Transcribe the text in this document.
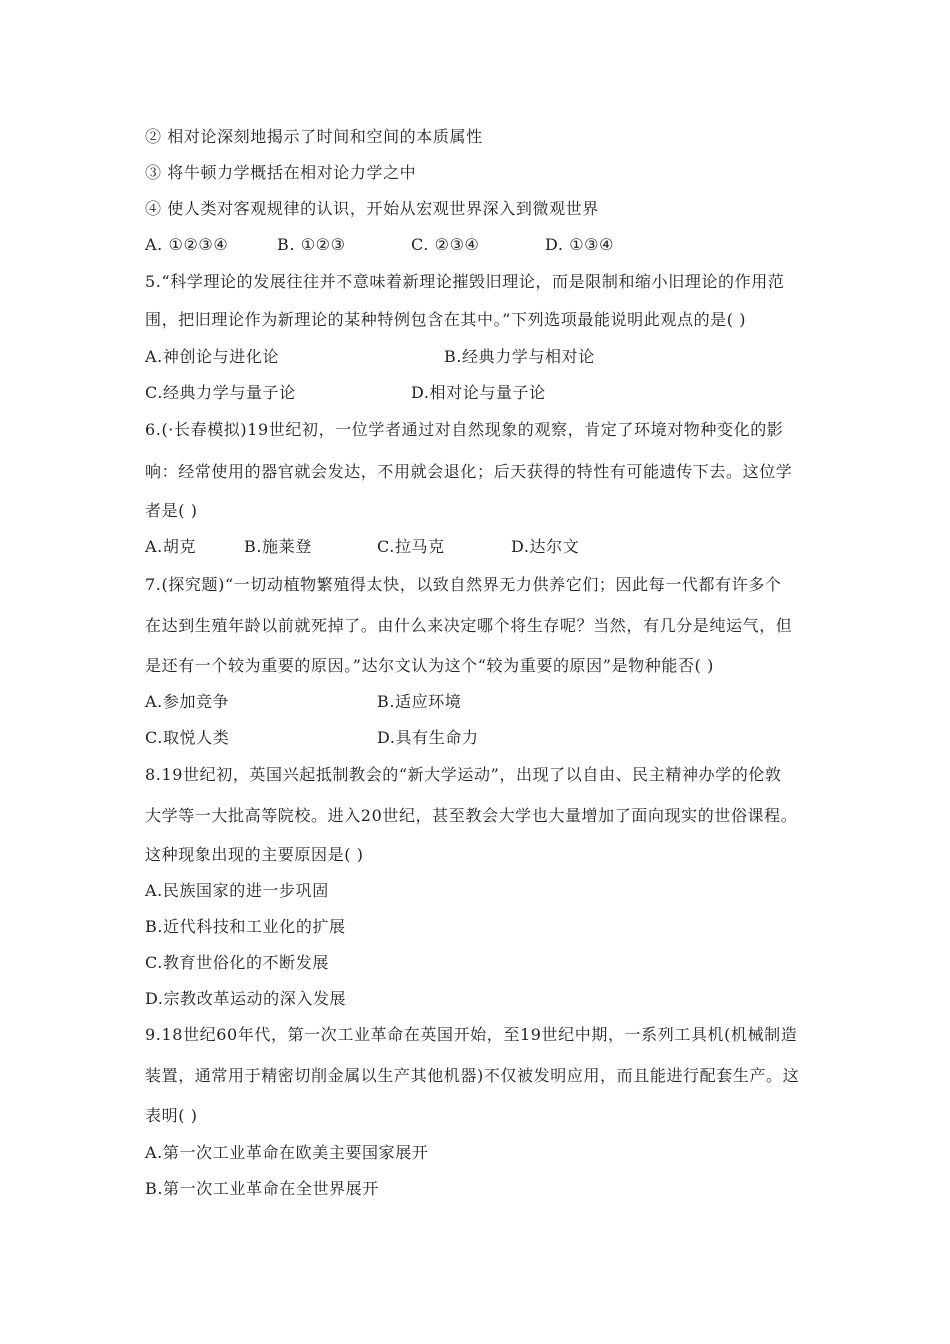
② 相对论深刻地揭示了时间和空间的本质属性
③ 将牛顿力学概括在相对论力学之中
④ 使人类对客观规律的认识，开始从宏观世界深入到微观世界
A. ①②③④	B. ①②③	C. ②③④	D. ①③④
5.“科学理论的发展往往并不意味着新理论摧毁旧理论，而是限制和缩小旧理论的作用范
围，把旧理论作为新理论的某种特例包含在其中。”下列选项最能说明此观点的是( )
A.神创论与进化论	B.经典力学与相对论
C.经典力学与量子论	D.相对论与量子论
6.(·长春模拟)19世纪初，一位学者通过对自然现象的观察，肯定了环境对物种变化的影
响：经常使用的器官就会发达，不用就会退化；后天获得的特性有可能遗传下去。这位学
者是( )
A.胡克	B.施莱登	C.拉马克	D.达尔文
7.(探究题)“一切动植物繁殖得太快，以致自然界无力供养它们；因此每一代都有许多个
在达到生殖年龄以前就死掉了。由什么来决定哪个将生存呢？当然，有几分是纯运气，但
是还有一个较为重要的原因。”达尔文认为这个“较为重要的原因”是物种能否( )
A.参加竞争	B.适应环境
C.取悦人类	D.具有生命力
8.19世纪初，英国兴起抵制教会的“新大学运动”，出现了以自由、民主精神办学的伦敦
大学等一大批高等院校。进入20世纪，甚至教会大学也大量增加了面向现实的世俗课程。
这种现象出现的主要原因是( )
A.民族国家的进一步巩固
B.近代科技和工业化的扩展
C.教育世俗化的不断发展
D.宗教改革运动的深入发展
9.18世纪60年代，第一次工业革命在英国开始，至19世纪中期，一系列工具机(机械制造
装置，通常用于精密切削金属以生产其他机器)不仅被发明应用，而且能进行配套生产。这
表明( )
A.第一次工业革命在欧美主要国家展开
B.第一次工业革命在全世界展开
